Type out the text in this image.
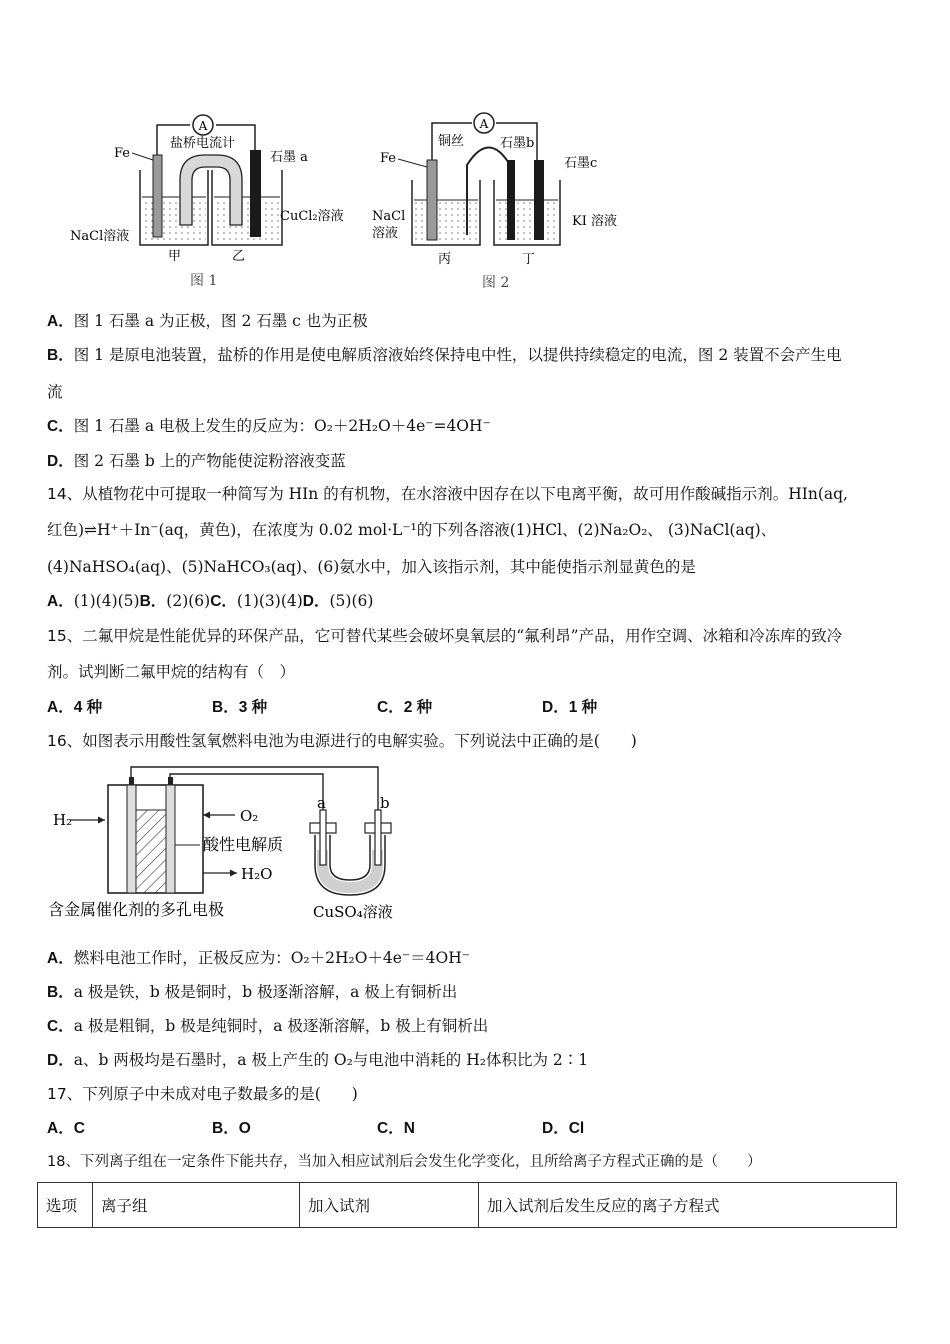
A
Fe
盐桥电流计
石墨 a
NaCl溶液
CuCl₂溶液
甲	乙
图 1
A
Fe
铜丝	石墨b
石墨c
NaCl
溶液
KI 溶液
丙	丁
图 2
A．图 1 石墨 a 为正极，图 2 石墨 c 也为正极
B．图 1 是原电池装置，盐桥的作用是使电解质溶液始终保持电中性，以提供持续稳定的电流，图 2 装置不会产生电
流
C．图 1 石墨 a 电极上发生的反应为：O₂＋2H₂O＋4e⁻=4OH⁻
D．图 2 石墨 b 上的产物能使淀粉溶液变蓝
14、从植物花中可提取一种简写为 HIn 的有机物，在水溶液中因存在以下电离平衡，故可用作酸碱指示剂。HIn(aq,
红色)⇌H⁺＋In⁻(aq，黄色)，在浓度为 0.02 mol·L⁻¹的下列各溶液(1)HCl、(2)Na₂O₂、 (3)NaCl(aq)、
(4)NaHSO₄(aq)、(5)NaHCO₃(aq)、(6)氨水中，加入该指示剂，其中能使指示剂显黄色的是
A．(1)(4)(5)B．(2)(6)C．(1)(3)(4)D．(5)(6)
15、二氟甲烷是性能优异的环保产品，它可替代某些会破坏臭氧层的“氟利昂”产品，用作空调、冰箱和冷冻库的致冷
剂。试判断二氟甲烷的结构有（　）
A．4 种	B．3 种	C．2 种	D．1 种
16、如图表示用酸性氢氧燃料电池为电源进行的电解实验。下列说法中正确的是(　　)
H₂	O₂
酸性电解质
H₂O
含金属催化剂的多孔电极
a	b
CuSO₄溶液
A．燃料电池工作时，正极反应为：O₂＋2H₂O＋4e⁻＝4OH⁻
B．a 极是铁，b 极是铜时，b 极逐渐溶解，a 极上有铜析出
C．a 极是粗铜，b 极是纯铜时，a 极逐渐溶解，b 极上有铜析出
D．a、b 两极均是石墨时，a 极上产生的 O₂与电池中消耗的 H₂体积比为 2∶1
17、下列原子中未成对电子数最多的是(　　)
A．C	B．O	C．N	D．Cl
18、下列离子组在一定条件下能共存，当加入相应试剂后会发生化学变化，且所给离子方程式正确的是（　　）
选项	离子组	加入试剂	加入试剂后发生反应的离子方程式
